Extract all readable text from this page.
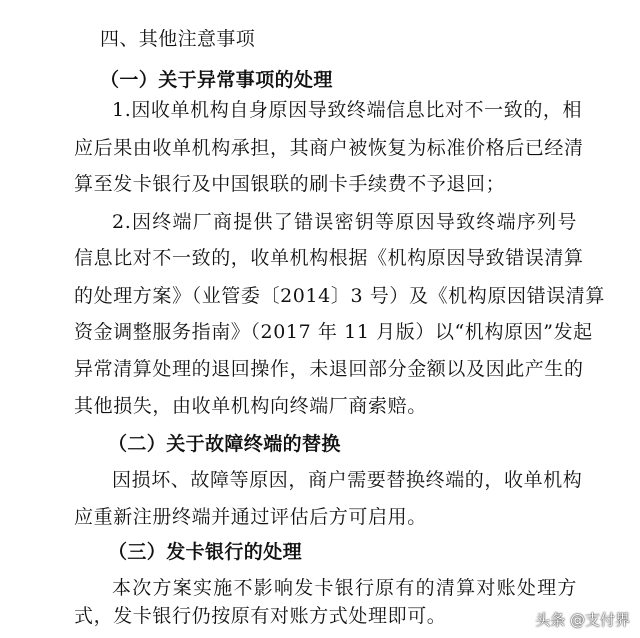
四、其他注意事项
（一）关于异常事项的处理
1.因收单机构自身原因导致终端信息比对不一致的，相
应后果由收单机构承担，其商户被恢复为标准价格后已经清
算至发卡银行及中国银联的刷卡手续费不予退回；
2.因终端厂商提供了错误密钥等原因导致终端序列号
信息比对不一致的，收单机构根据《机构原因导致错误清算
的处理方案》（业管委〔2014〕3 号）及《机构原因错误清算
资金调整服务指南》（2017 年 11 月版）以“机构原因”发起
异常清算处理的退回操作，未退回部分金额以及因此产生的
其他损失，由收单机构向终端厂商索赔。
（二）关于故障终端的替换
因损坏、故障等原因，商户需要替换终端的，收单机构
应重新注册终端并通过评估后方可启用。
（三）发卡银行的处理
本次方案实施不影响发卡银行原有的清算对账处理方
式，发卡银行仍按原有对账方式处理即可。	头条 @支付界
